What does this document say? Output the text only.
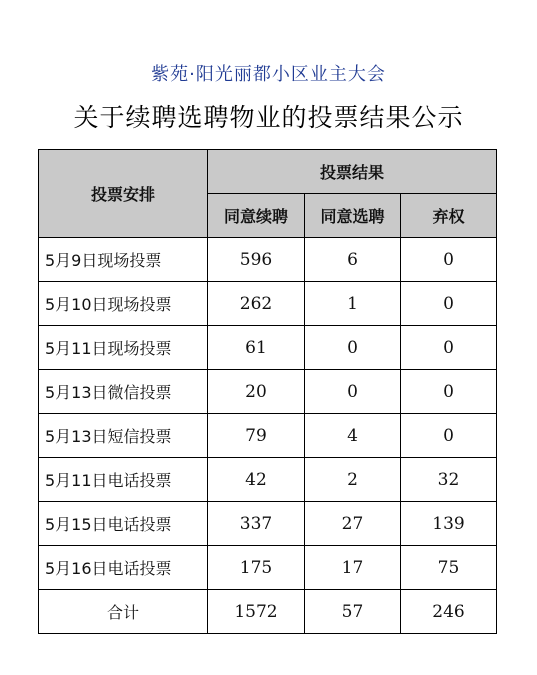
紫苑·阳光丽都小区业主大会
关于续聘选聘物业的投票结果公示
投票安排	投票结果		
	同意续聘	同意选聘	弃权
5月9日现场投票	596	6	0
5月10日现场投票	262	1	0
5月11日现场投票	61	0	0
5月13日微信投票	20	0	0
5月13日短信投票	79	4	0
5月11日电话投票	42	2	32
5月15日电话投票	337	27	139
5月16日电话投票	175	17	75
合计	1572	57	246
